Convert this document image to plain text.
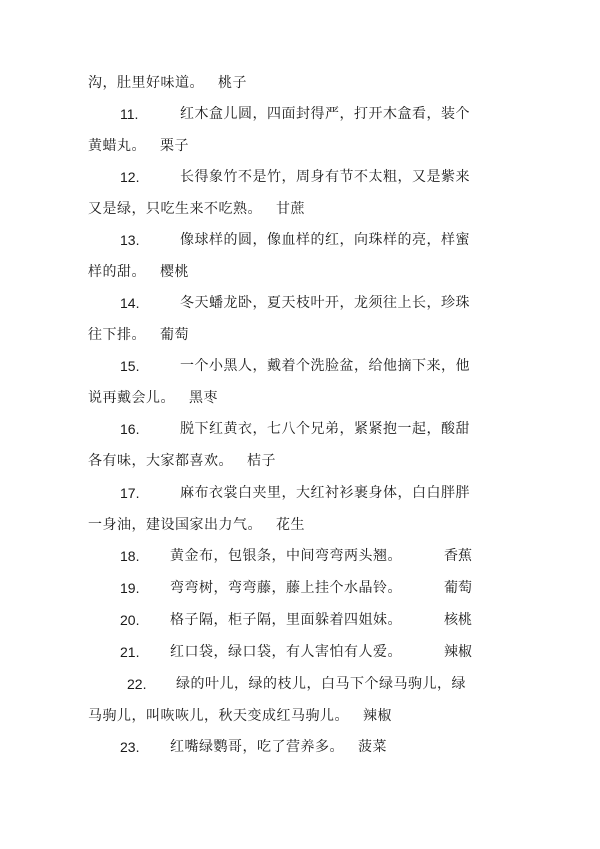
沟，肚里好味道。 桃子
11.	红木盒儿圆，四面封得严，打开木盒看，装个
黄蜡丸。 栗子
12.	长得象竹不是竹，周身有节不太粗，又是紫来
又是绿，只吃生来不吃熟。 甘蔗
13.	像球样的圆，像血样的红，向珠样的亮，样蜜
样的甜。 樱桃
14.	冬天蟠龙卧，夏天枝叶开，龙须往上长，珍珠
往下排。 葡萄
15.	一个小黑人，戴着个洗脸盆，给他摘下来，他
说再戴会儿。 黑枣
16.	脱下红黄衣，七八个兄弟，紧紧抱一起，酸甜
各有味，大家都喜欢。 桔子
17.	麻布衣裳白夹里，大红衬衫裹身体，白白胖胖
一身油，建设国家出力气。 花生
18. 黄金布，包银条，中间弯弯两头翘。	香蕉
19. 弯弯树，弯弯藤，藤上挂个水晶铃。	葡萄
20. 格子隔，柜子隔，里面躲着四姐妹。	核桃
21. 红口袋，绿口袋，有人害怕有人爱。	辣椒
22. 绿的叶儿，绿的枝儿，白马下个绿马驹儿，绿
马驹儿，叫咴咴儿，秋天变成红马驹儿。 辣椒
23. 红嘴绿鹦哥，吃了营养多。 菠菜
